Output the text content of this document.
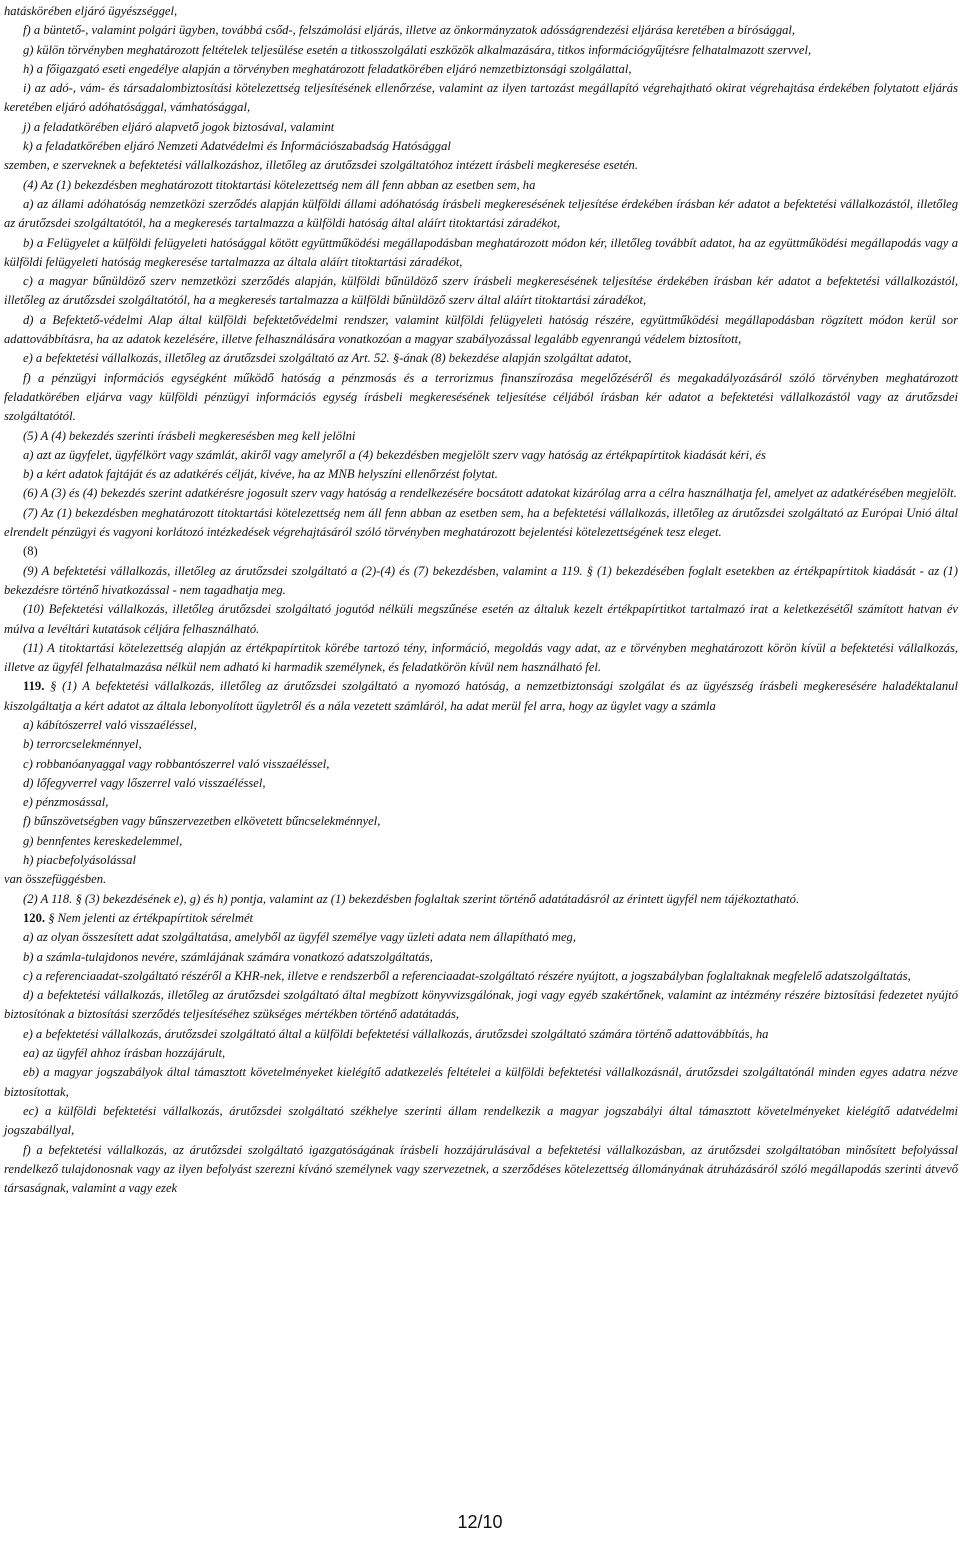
hatáskörében eljáró ügyészséggel,

f) a büntető-, valamint polgári ügyben, továbbá csőd-, felszámolási eljárás, illetve az önkormányzatok adósságrendezési eljárása keretében a bírósággal,

g) külön törvényben meghatározott feltételek teljesülése esetén a titkosszolgálati eszközök alkalmazására, titkos információgyűjtésre felhatalmazott szervvel,

h) a főigazgató eseti engedélye alapján a törvényben meghatározott feladatkörében eljáró nemzetbiztonsági szolgálattal,

i) az adó-, vám- és társadalombiztosítási kötelezettség teljesítésének ellenőrzése, valamint az ilyen tartozást megállapító végrehajtható okirat végrehajtása érdekében folytatott eljárás keretében eljáró adóhatósággal, vámhatósággal,

j) a feladatkörében eljáró alapvető jogok biztosával, valamint

k) a feladatkörében eljáró Nemzeti Adatvédelmi és Információszabadság Hatósággal

szemben, e szerveknek a befektetési vállalkozáshoz, illetőleg az árutőzsdei szolgáltatóhoz intézett írásbeli megkeresése esetén.

(4) Az (1) bekezdésben meghatározott titoktartási kötelezettség nem áll fenn abban az esetben sem, ha

a) az állami adóhatóság nemzetközi szerződés alapján külföldi állami adóhatóság írásbeli megkeresésének teljesítése érdekében írásban kér adatot a befektetési vállalkozástól, illetőleg az árutőzsdei szolgáltatótól, ha a megkeresés tartalmazza a külföldi hatóság által aláírt titoktartási záradékot,

b) a Felügyelet a külföldi felügyeleti hatósággal kötött együttműködési megállapodásban meghatározott módon kér, illetőleg továbbít adatot, ha az együttműködési megállapodás vagy a külföldi felügyeleti hatóság megkeresése tartalmazza az általa aláírt titoktartási záradékot,

c) a magyar bűnüldöző szerv nemzetközi szerződés alapján, külföldi bűnüldöző szerv írásbeli megkeresésének teljesítése érdekében írásban kér adatot a befektetési vállalkozástól, illetőleg az árutőzsdei szolgáltatótól, ha a megkeresés tartalmazza a külföldi bűnüldöző szerv által aláírt titoktartási záradékot,

d) a Befektető-védelmi Alap által külföldi befektetővédelmi rendszer, valamint külföldi felügyeleti hatóság részére, együttműködési megállapodásban rögzített módon kerül sor adattovábbításra, ha az adatok kezelésére, illetve felhasználására vonatkozóan a magyar szabályozással legalább egyenrangú védelem biztosított,

e) a befektetési vállalkozás, illetőleg az árutőzsdei szolgáltató az Art. 52. §-ának (8) bekezdése alapján szolgáltat adatot,

f) a pénzügyi információs egységként működő hatóság a pénzmosás és a terrorizmus finanszírozása megelőzéséről és megakadályozásáról szóló törvényben meghatározott feladatkörében eljárva vagy külföldi pénzügyi információs egység írásbeli megkeresésének teljesítése céljából írásban kér adatot a befektetési vállalkozástól vagy az árutőzsdei szolgáltatótól.

(5) A (4) bekezdés szerinti írásbeli megkeresésben meg kell jelölni

a) azt az ügyfelet, ügyfélkört vagy számlát, akiről vagy amelyről a (4) bekezdésben megjelölt szerv vagy hatóság az értékpapírtitok kiadását kéri, és

b) a kért adatok fajtáját és az adatkérés célját, kivéve, ha az MNB helyszíni ellenőrzést folytat.

(6) A (3) és (4) bekezdés szerint adatkérésre jogosult szerv vagy hatóság a rendelkezésére bocsátott adatokat kizárólag arra a célra használhatja fel, amelyet az adatkérésében megjelölt.

(7) Az (1) bekezdésben meghatározott titoktartási kötelezettség nem áll fenn abban az esetben sem, ha a befektetési vállalkozás, illetőleg az árutőzsdei szolgáltató az Európai Unió által elrendelt pénzügyi és vagyoni korlátozó intézkedések végrehajtásáról szóló törvényben meghatározott bejelentési kötelezettségének tesz eleget.

(8)

(9) A befektetési vállalkozás, illetőleg az árutőzsdei szolgáltató a (2)-(4) és (7) bekezdésben, valamint a 119. § (1) bekezdésében foglalt esetekben az értékpapírtitok kiadását - az (1) bekezdésre történő hivatkozással - nem tagadhatja meg.

(10) Befektetési vállalkozás, illetőleg árutőzsdei szolgáltató jogutód nélküli megszűnése esetén az általuk kezelt értékpapírtitkot tartalmazó irat a keletkezésétől számított hatvan év múlva a levéltári kutatások céljára felhasználható.

(11) A titoktartási kötelezettség alapján az értékpapírtitok körébe tartozó tény, információ, megoldás vagy adat, az e törvényben meghatározott körön kívül a befektetési vállalkozás, illetve az ügyfél felhatalmazása nélkül nem adható ki harmadik személynek, és feladatkörön kívül nem használható fel.

119. § (1) A befektetési vállalkozás, illetőleg az árutőzsdei szolgáltató a nyomozó hatóság, a nemzetbiztonsági szolgálat és az ügyészség írásbeli megkeresésére haladéktalanul kiszolgáltatja a kért adatot az általa lebonyolított ügyletről és a nála vezetett számláról, ha adat merül fel arra, hogy az ügylet vagy a számla

a) kábítószerrel való visszaéléssel,

b) terrorcselekménnyel,

c) robbanóanyaggal vagy robbantószerrel való visszaéléssel,

d) lőfegyverrel vagy lőszerrel való visszaéléssel,

e) pénzmosással,

f) bűnszövetségben vagy bűnszervezetben elkövetett bűncselekménnyel,

g) bennfentes kereskedelemmel,

h) piacbefolyásolással

van összefüggésben.

(2) A 118. § (3) bekezdésének e), g) és h) pontja, valamint az (1) bekezdésben foglaltak szerint történő adatátadásról az érintett ügyfél nem tájékoztatható.

120. § Nem jelenti az értékpapírtitok sérelmét

a) az olyan összesített adat szolgáltatása, amelyből az ügyfél személye vagy üzleti adata nem állapítható meg,

b) a számla-tulajdonos nevére, számlájának számára vonatkozó adatszolgáltatás,

c) a referenciaadat-szolgáltató részéről a KHR-nek, illetve e rendszerből a referenciaadat-szolgáltató részére nyújtott, a jogszabályban foglaltaknak megfelelő adatszolgáltatás,

d) a befektetési vállalkozás, illetőleg az árutőzsdei szolgáltató által megbízott könyvvizsgálónak, jogi vagy egyéb szakértőnek, valamint az intézmény részére biztosítási fedezetet nyújtó biztosítónak a biztosítási szerződés teljesítéséhez szükséges mértékben történő adatátadás,

e) a befektetési vállalkozás, árutőzsdei szolgáltató által a külföldi befektetési vállalkozás, árutőzsdei szolgáltató számára történő adattovábbítás, ha

ea) az ügyfél ahhoz írásban hozzájárult,

eb) a magyar jogszabályok által támasztott követelményeket kielégítő adatkezelés feltételei a külföldi befektetési vállalkozásnál, árutőzsdei szolgáltatónál minden egyes adatra nézve biztosítottak,

ec) a külföldi befektetési vállalkozás, árutőzsdei szolgáltató székhelye szerinti állam rendelkezik a magyar jogszabályi által támasztott követelményeket kielégítő adatvédelmi jogszabállyal,

f) a befektetési vállalkozás, az árutőzsdei szolgáltató igazgatóságának írásbeli hozzájárulásával a befektetési vállalkozásban, az árutőzsdei szolgáltatóban minősített befolyással rendelkező tulajdonosnak vagy az ilyen befolyást szerezni kívánó személynek vagy szervezetnek, a szerződéses kötelezettség állományának átruházásáról szóló megállapodás szerinti átvevő társaságnak, valamint a vagy ezek

12/10
